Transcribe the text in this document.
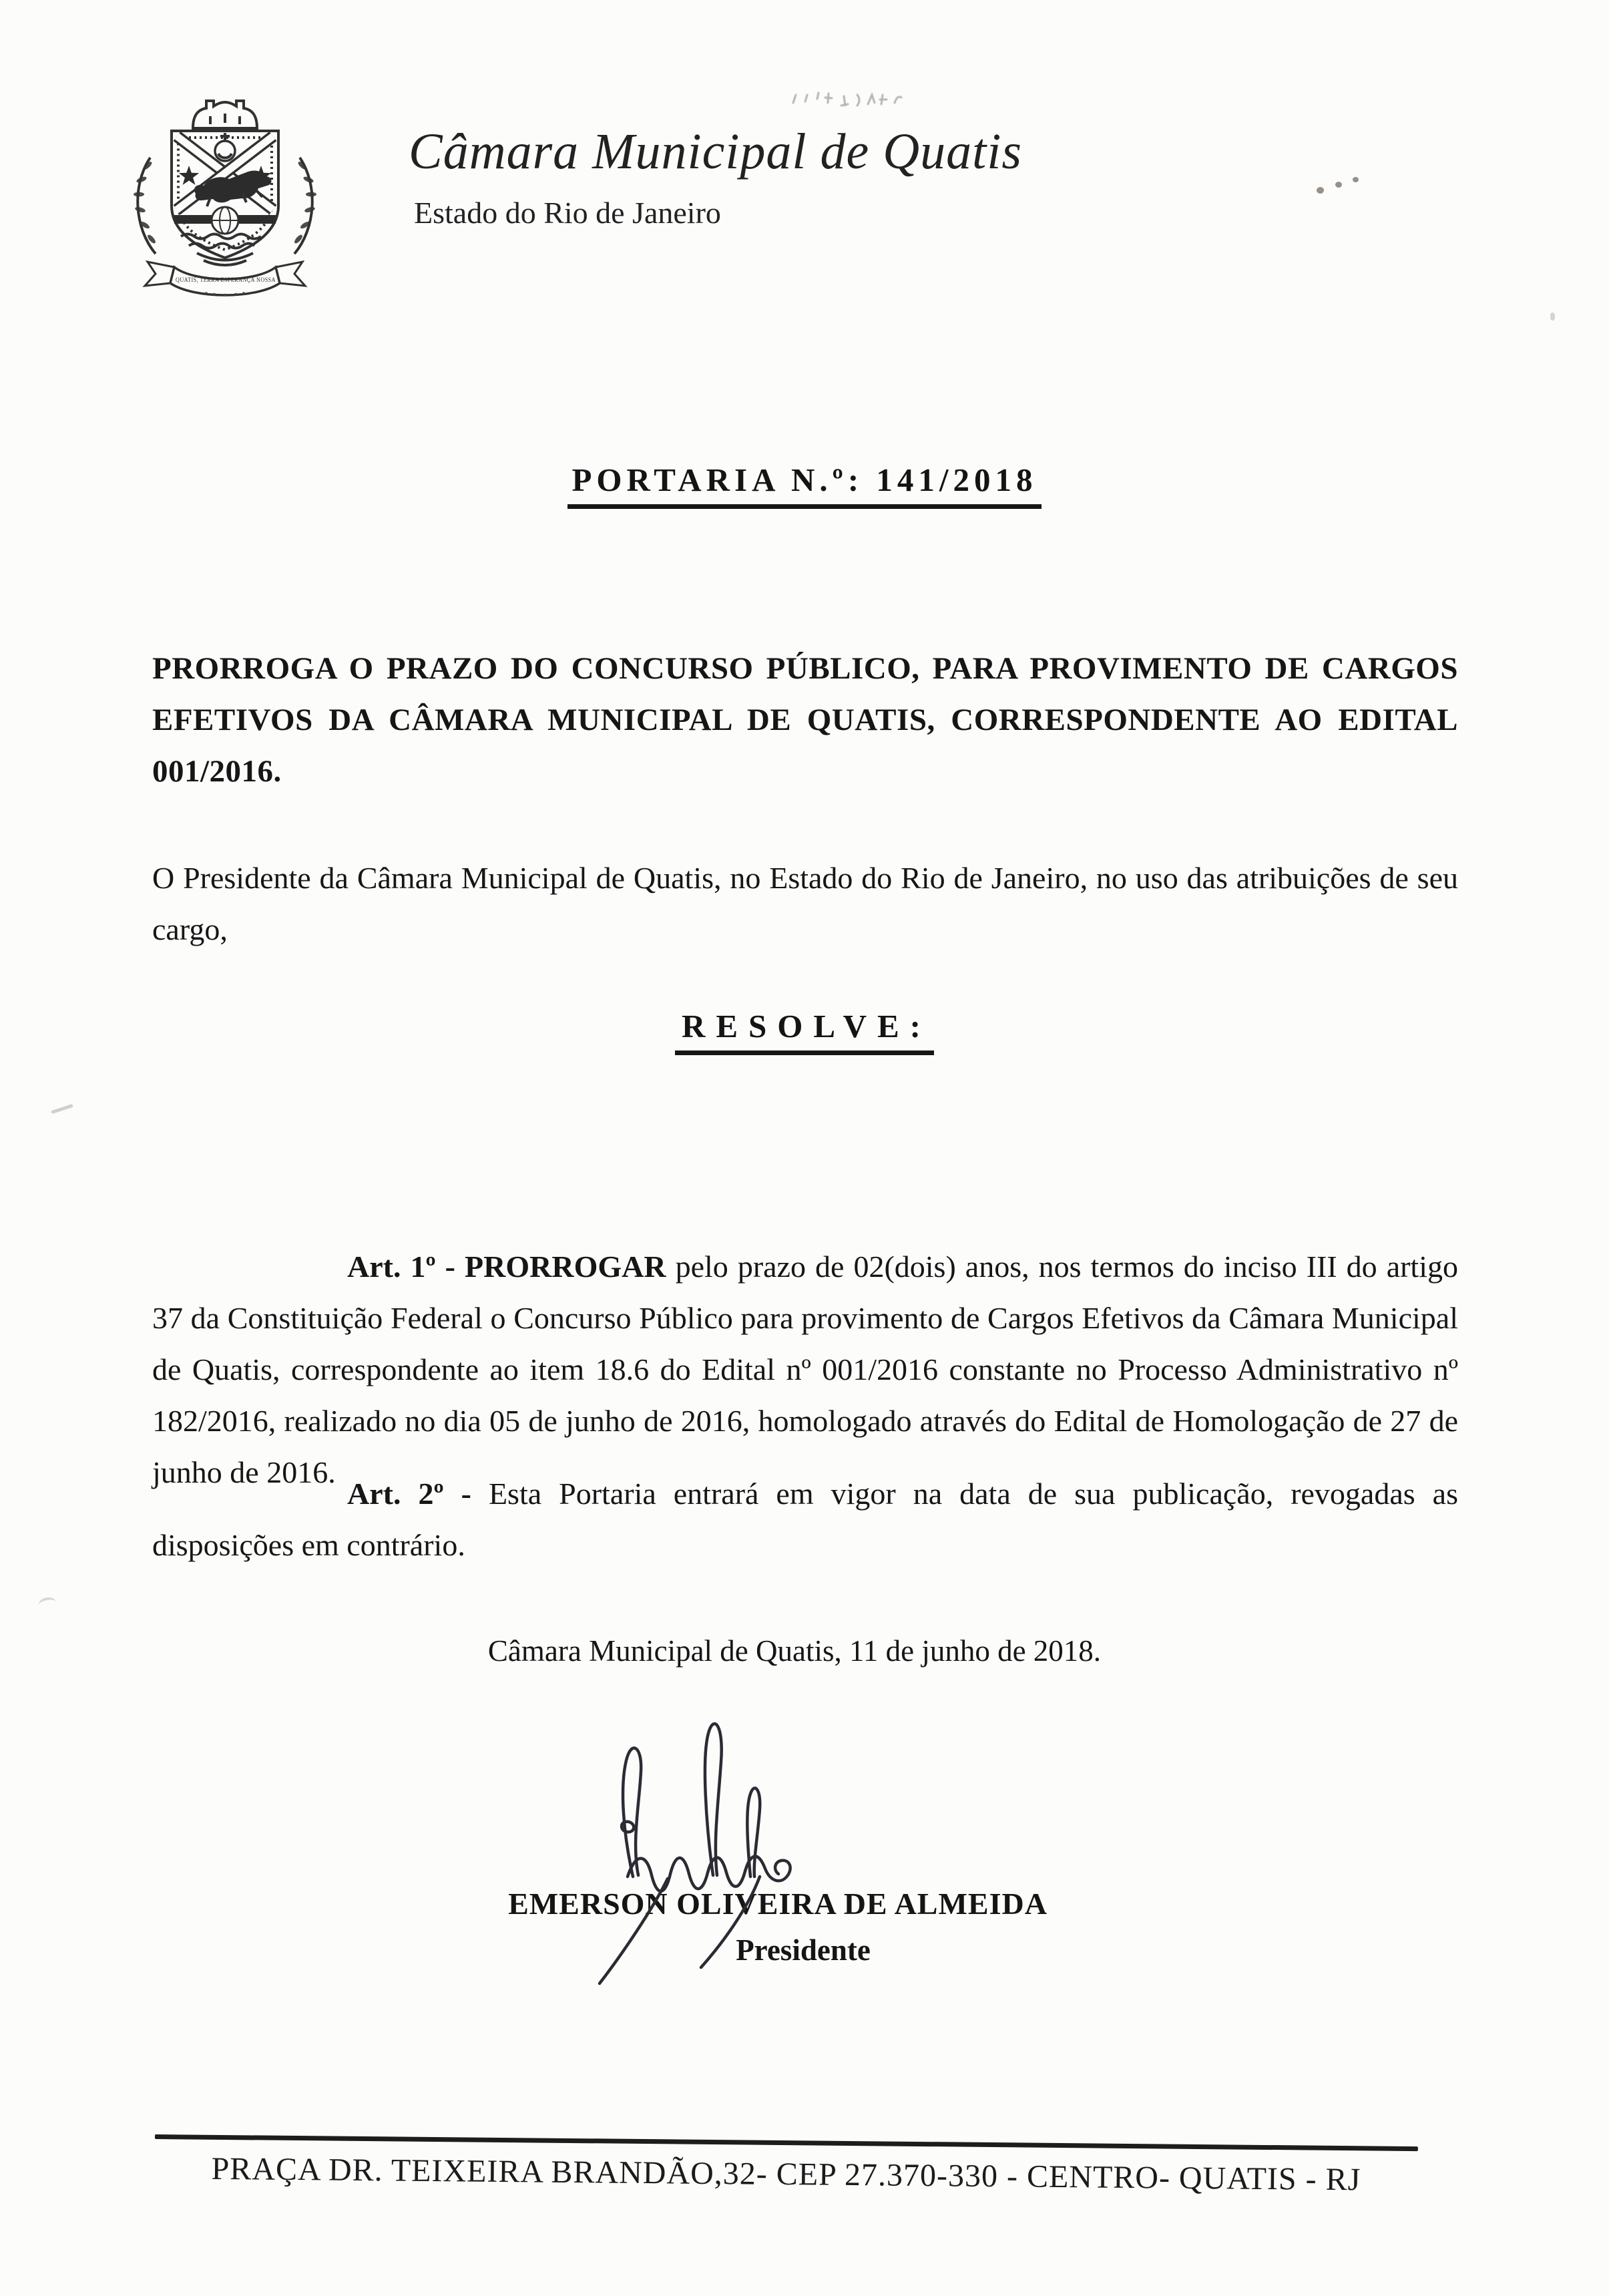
QUATIS, TERRA ESPERANÇA NOSSA
Câmara Municipal de Quatis
Estado do Rio de Janeiro
PORTARIA N.º: 141/2018

PRORROGA O PRAZO DO CONCURSO PÚBLICO, PARA PROVIMENTO DE CARGOS EFETIVOS DA CÂMARA MUNICIPAL DE QUATIS, CORRESPONDENTE AO EDITAL 001/2016.

O Presidente da Câmara Municipal de Quatis, no Estado do Rio de Janeiro, no uso das atribuições de seu cargo,

RESOLVE:

Art. 1º - PRORROGAR pelo prazo de 02(dois) anos, nos termos do inciso III do artigo 37 da Constituição Federal o Concurso Público para provimento de Cargos Efetivos da Câmara Municipal de Quatis, correspondente ao item 18.6 do Edital nº 001/2016 constante no Processo Administrativo nº 182/2016, realizado no dia 05 de junho de 2016, homologado através do Edital de Homologação de 27 de junho de 2016.

Art. 2º - Esta Portaria entrará em vigor na data de sua publicação, revogadas as disposições em contrário.

Câmara Municipal de Quatis, 11 de junho de 2018.
EMERSON OLIVEIRA DE ALMEIDA
Presidente

PRAÇA DR. TEIXEIRA BRANDÃO,32- CEP 27.370-330 - CENTRO- QUATIS - RJ
